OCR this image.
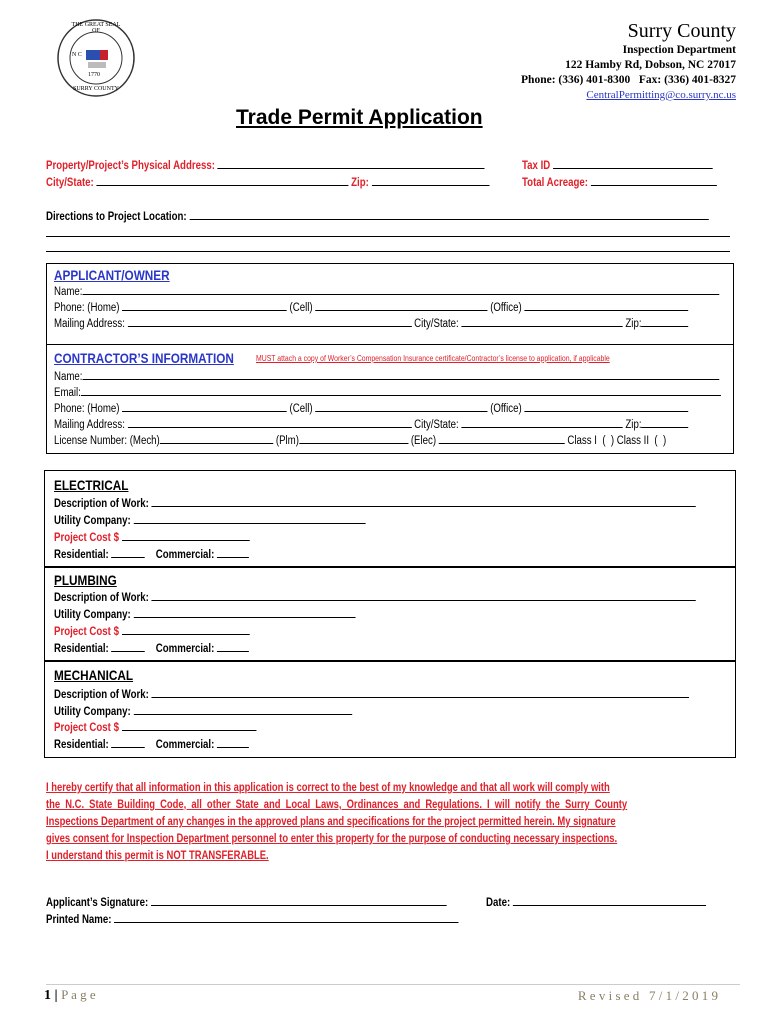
THE GREAT SEAL OF
N C
1770
SURRY COUNTY
Surry County
Inspection Department
122 Hamby Rd, Dobson, NC 27017
Phone: (336) 401-8300   Fax: (336) 401-8327
CentralPermitting@co.surry.nc.us
Trade Permit Application
Property/Project’s Physical Address:	Tax ID
City/State:	Zip:	Total Acreage:
Directions to Project Location:
APPLICANT/OWNER
Name:
Phone: (Home)	(Cell)	(Office)
Mailing Address:	City/State:	Zip:
CONTRACTOR’S INFORMATION	MUST attach a copy of Worker’s Compensation Insurance certificate/Contractor’s license to application, if applicable
Name:
Email:
Phone: (Home)	(Cell)	(Office)
Mailing Address:	City/State:	Zip:
License Number: (Mech)	(Plm)	(Elec)	Class I  (  ) Class II  (  )
ELECTRICAL
Description of Work:
Utility Company:
Project Cost $
Residential:	Commercial:
PLUMBING
Description of Work:
Utility Company:
Project Cost $
Residential:	Commercial:
MECHANICAL
Description of Work:
Utility Company:
Project Cost $
Residential:	Commercial:
I hereby certify that all information in this application is correct to the best of my knowledge and that all work will comply with
the N.C. State Building Code, all other State and Local Laws, Ordinances and Regulations. I will notify the Surry County
Inspections Department of any changes in the approved plans and specifications for the project permitted herein. My signature
gives consent for Inspection Department personnel to enter this property for the purpose of conducting necessary inspections.
I understand this permit is NOT TRANSFERABLE.
Applicant’s Signature:	Date:
Printed Name:
1 | P a g e	R e v i s e d   7 / 1 / 2 0 1 9
